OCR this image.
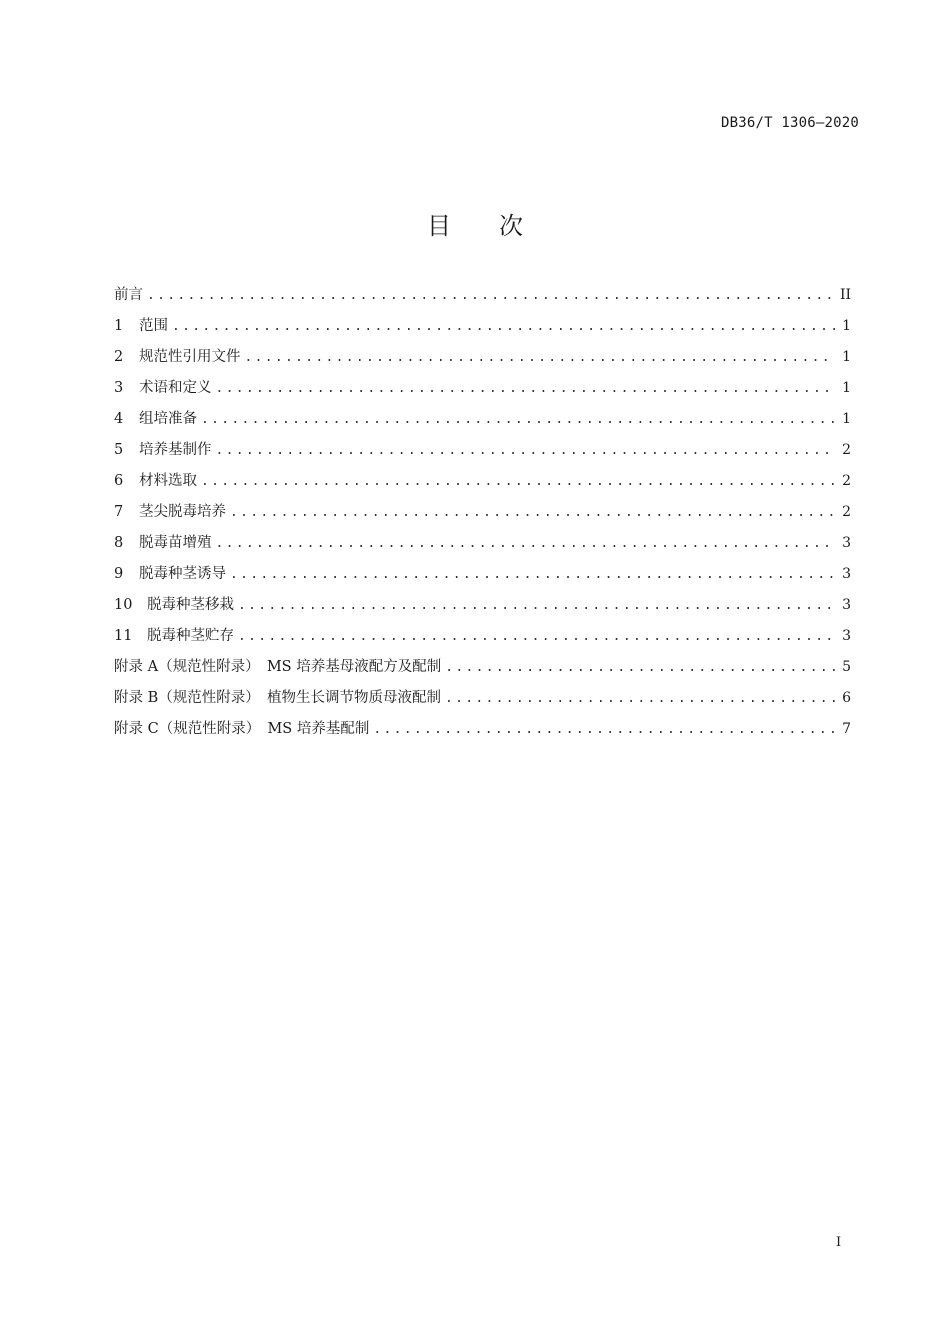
DB36/T 1306—2020
目 次
前言 .....	II
1	范围 .....	1
2	规范性引用文件 .....	1
3	术语和定义 .....	1
4	组培准备 .....	1
5	培养基制作 .....	2
6	材料选取 .....	2
7	茎尖脱毒培养 .....	2
8	脱毒苗增殖 .....	3
9	脱毒种茎诱导 .....	3
10	脱毒种茎移栽 .....	3
11	脱毒种茎贮存 .....	3
附录 A（规范性附录）　MS 培养基母液配方及配制 .....	5
附录 B（规范性附录）　植物生长调节物质母液配制 .....	6
附录 C（规范性附录）　MS 培养基配制 .....	7
I
